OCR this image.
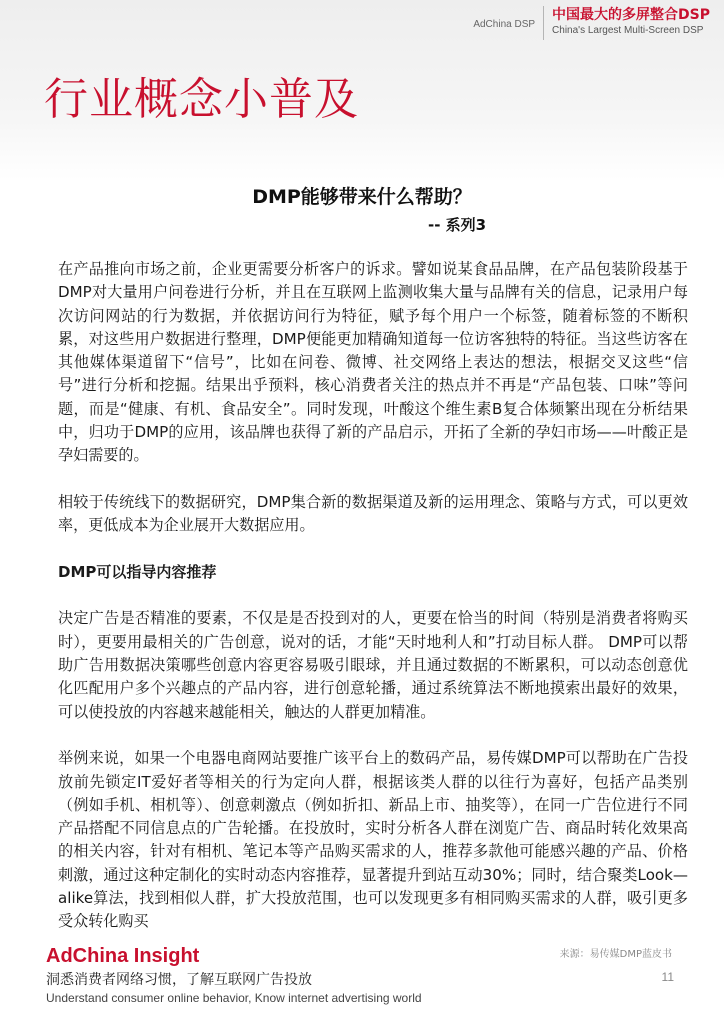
AdChina DSP
中国最大的多屏整合DSP
China's Largest Multi-Screen DSP
行业概念小普及
DMP能够带来什么帮助？
-- 系列3

在产品推向市场之前，企业更需要分析客户的诉求。譬如说某食品品牌，在产品包装阶段基于DMP对大量用户问卷进行分析，并且在互联网上监测收集大量与品牌有关的信息，记录用户每次访问网站的行为数据，并依据访问行为特征，赋予每个用户一个标签，随着标签的不断积累，对这些用户数据进行整理，DMP便能更加精确知道每一位访客独特的特征。当这些访客在其他媒体渠道留下“信号”，比如在问卷、微博、社交网络上表达的想法，根据交叉这些“信号”进行分析和挖掘。结果出乎预料，核心消费者关注的热点并不再是“产品包装、口味”等问题，而是“健康、有机、食品安全”。同时发现，叶酸这个维生素B复合体频繁出现在分析结果中，归功于DMP的应用，该品牌也获得了新的产品启示，开拓了全新的孕妇市场——叶酸正是孕妇需要的。

相较于传统线下的数据研究，DMP集合新的数据渠道及新的运用理念、策略与方式，可以更效率，更低成本为企业展开大数据应用。

DMP可以指导内容推荐

决定广告是否精准的要素，不仅是是否投到对的人，更要在恰当的时间（特别是消费者将购买时），更要用最相关的广告创意，说对的话，才能“天时地利人和”打动目标人群。 DMP可以帮助广告用数据决策哪些创意内容更容易吸引眼球，并且通过数据的不断累积，可以动态创意优化匹配用户多个兴趣点的产品内容，进行创意轮播，通过系统算法不断地摸索出最好的效果，可以使投放的内容越来越能相关，触达的人群更加精准。

举例来说，如果一个电器电商网站要推广该平台上的数码产品，易传媒DMP可以帮助在广告投放前先锁定IT爱好者等相关的行为定向人群，根据该类人群的以往行为喜好，包括产品类别（例如手机、相机等）、创意刺激点（例如折扣、新品上市、抽奖等），在同一广告位进行不同产品搭配不同信息点的广告轮播。在投放时，实时分析各人群在浏览广告、商品时转化效果高的相关内容，针对有相机、笔记本等产品购买需求的人，推荐多款他可能感兴趣的产品、价格刺激，通过这种定制化的实时动态内容推荐，显著提升到站互动30%；同时，结合聚类Look—alike算法，找到相似人群，扩大投放范围，也可以发现更多有相同购买需求的人群，吸引更多受众转化购买

AdChina Insight
洞悉消费者网络习惯，了解互联网广告投放
Understand consumer online behavior, Know internet advertising world
来源：易传媒DMP蓝皮书
11
